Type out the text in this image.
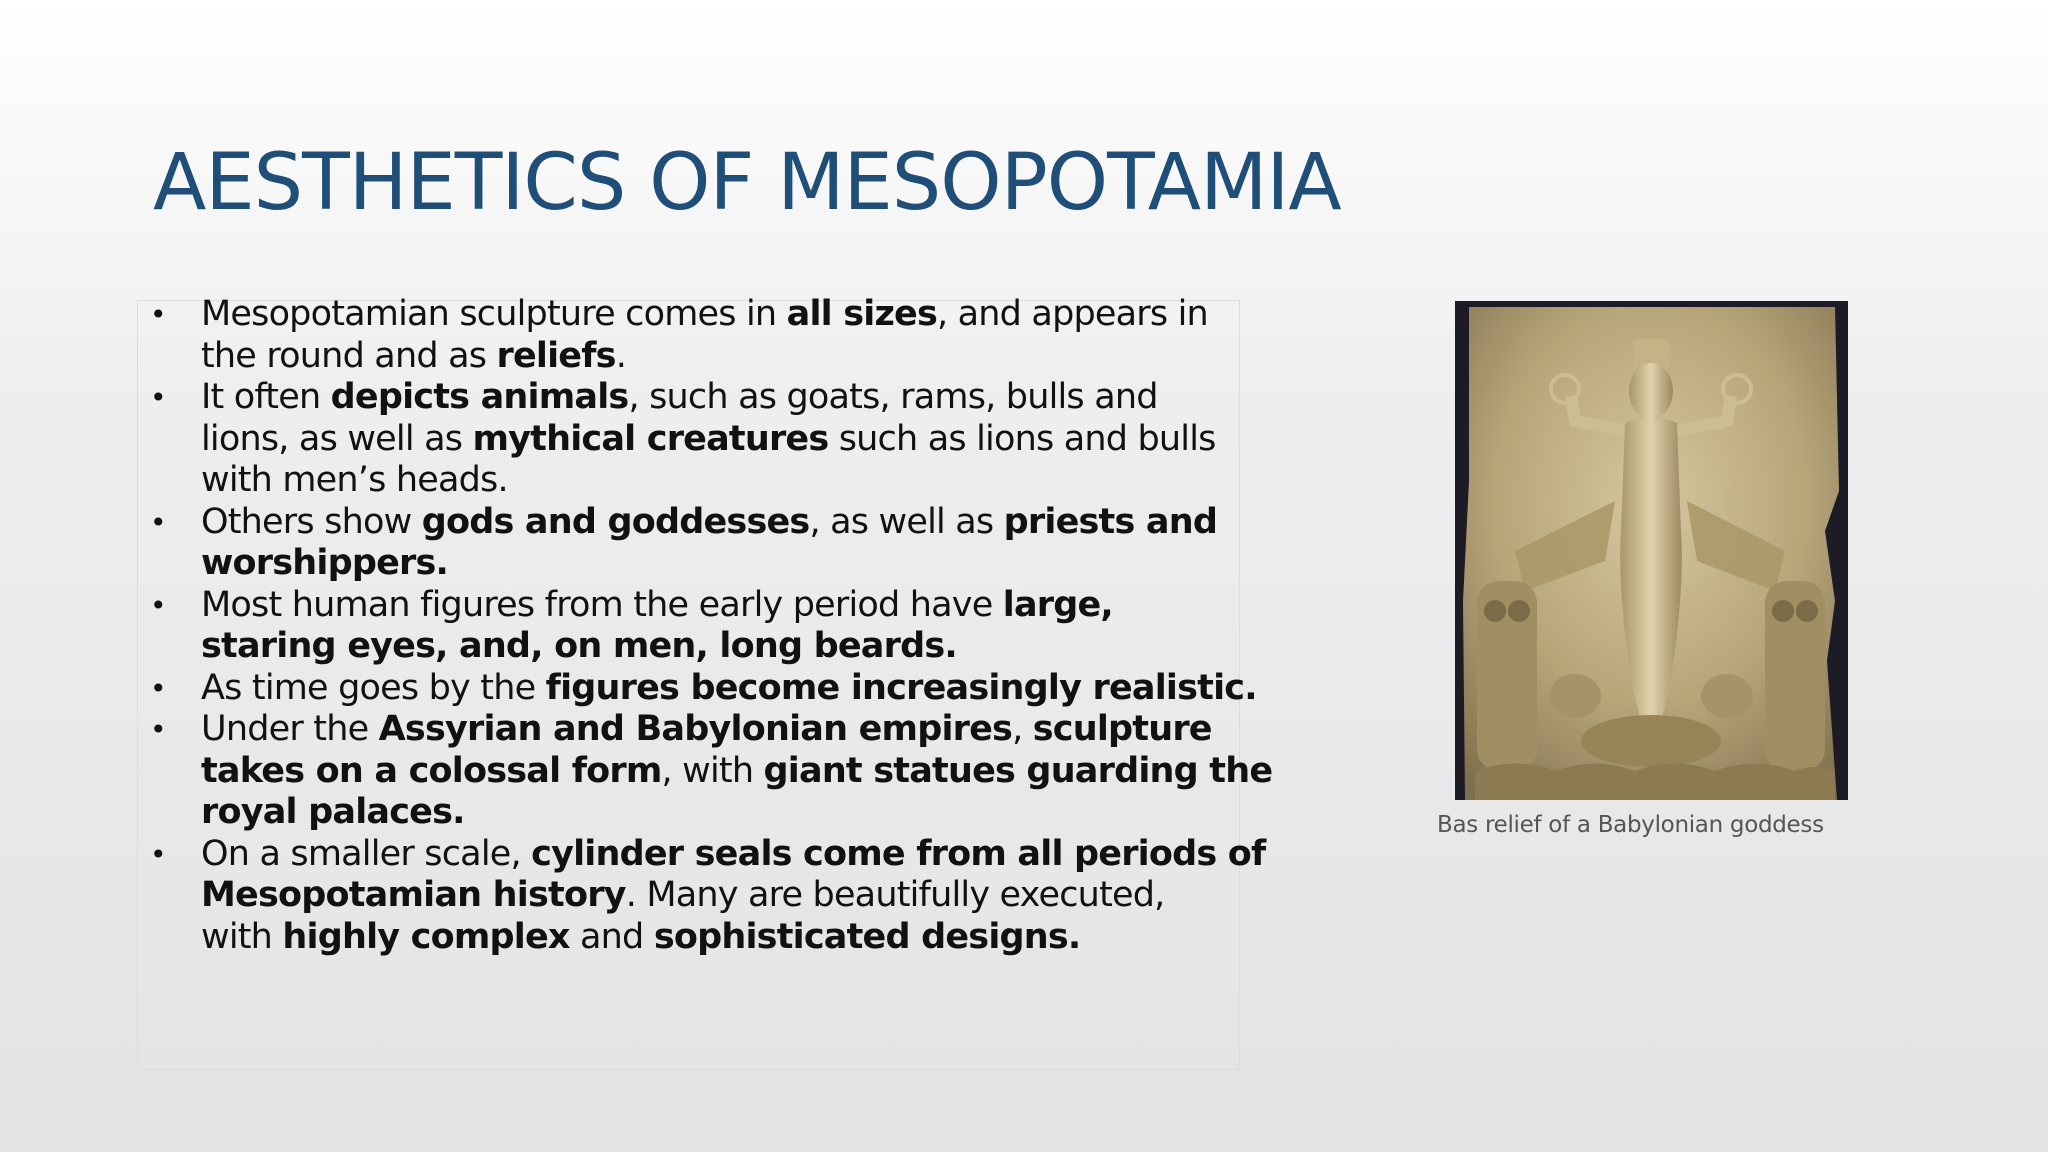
AESTHETICS OF MESOPOTAMIA
• Mesopotamian sculpture comes in all sizes, and appears in
the round and as reliefs.
• It often depicts animals, such as goats, rams, bulls and
lions, as well as mythical creatures such as lions and bulls
with men’s heads.
• Others show gods and goddesses, as well as priests and
worshippers.
• Most human figures from the early period have large,
staring eyes, and, on men, long beards.
• As time goes by the figures become increasingly realistic.
• Under the Assyrian and Babylonian empires, sculpture
takes on a colossal form, with giant statues guarding the
royal palaces.
• On a smaller scale, cylinder seals come from all periods of
Mesopotamian history. Many are beautifully executed,
with highly complex and sophisticated designs.
Bas relief of a Babylonian goddess
